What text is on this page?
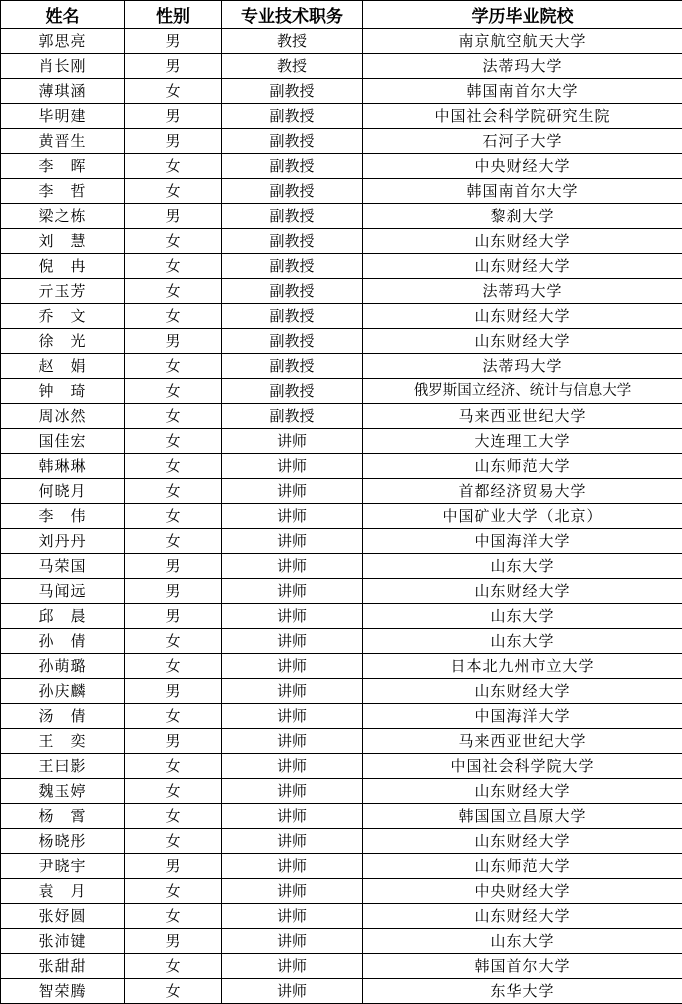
姓名	性别	专业技术职务	学历毕业院校
郭思亮	男	教授	南京航空航天大学
肖长刚	男	教授	法蒂玛大学
薄琪涵	女	副教授	韩国南首尔大学
毕明建	男	副教授	中国社会科学院研究生院
黄晋生	男	副教授	石河子大学
李　晖	女	副教授	中央财经大学
李　哲	女	副教授	韩国南首尔大学
梁之栋	男	副教授	黎刹大学
刘　慧	女	副教授	山东财经大学
倪　冉	女	副教授	山东财经大学
亓玉芳	女	副教授	法蒂玛大学
乔　文	女	副教授	山东财经大学
徐　光	男	副教授	山东财经大学
赵　娟	女	副教授	法蒂玛大学
钟　琦	女	副教授	俄罗斯国立经济、统计与信息大学
周冰然	女	副教授	马来西亚世纪大学
国佳宏	女	讲师	大连理工大学
韩琳琳	女	讲师	山东师范大学
何晓月	女	讲师	首都经济贸易大学
李　伟	女	讲师	中国矿业大学（北京）
刘丹丹	女	讲师	中国海洋大学
马荣国	男	讲师	山东大学
马闻远	男	讲师	山东财经大学
邱　晨	男	讲师	山东大学
孙　倩	女	讲师	山东大学
孙萌璐	女	讲师	日本北九州市立大学
孙庆麟	男	讲师	山东财经大学
汤　倩	女	讲师	中国海洋大学
王　奕	男	讲师	马来西亚世纪大学
王曰影	女	讲师	中国社会科学院大学
魏玉婷	女	讲师	山东财经大学
杨　霄	女	讲师	韩国国立昌原大学
杨晓彤	女	讲师	山东财经大学
尹晓宇	男	讲师	山东师范大学
袁　月	女	讲师	中央财经大学
张妤圆	女	讲师	山东财经大学
张沛键	男	讲师	山东大学
张甜甜	女	讲师	韩国首尔大学
智荣腾	女	讲师	东华大学
